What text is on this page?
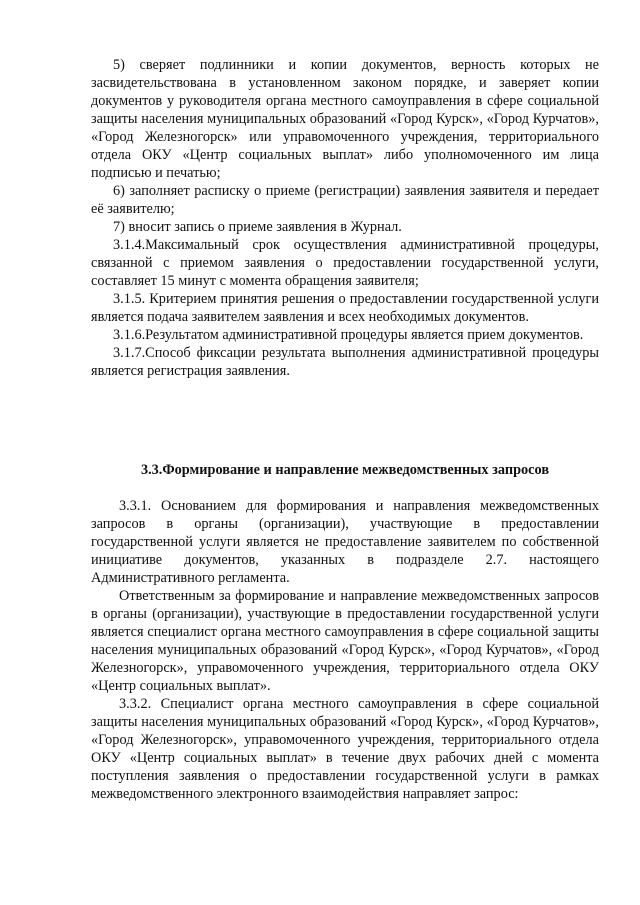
5) сверяет подлинники и копии документов, верность которых не засвидетельствована в установленном законом порядке, и заверяет копии документов у руководителя органа местного самоуправления в сфере социальной защиты населения муниципальных образований «Город Курск», «Город Курчатов», «Город Железногорск» или управомоченного учреждения, территориального отдела ОКУ «Центр социальных выплат» либо уполномоченного им лица подписью и печатью;

6) заполняет расписку о приеме (регистрации) заявления заявителя и передает её заявителю;

7) вносит запись о приеме заявления в Журнал.

3.1.4.Максимальный срок осуществления административной процедуры, связанной с приемом заявления о предоставлении государственной услуги, составляет 15 минут с момента обращения заявителя;

3.1.5. Критерием принятия решения о предоставлении государственной услуги является подача заявителем заявления и всех необходимых документов.

3.1.6.Результатом административной процедуры является прием документов.

3.1.7.Способ фиксации результата выполнения административной процедуры является регистрация заявления.

3.3.Формирование и направление межведомственных запросов

3.3.1. Основанием для формирования и направления межведомственных запросов в органы (организации), участвующие в предоставлении государственной услуги является не предоставление заявителем по собственной инициативе документов, указанных в подразделе 2.7. настоящего Административного регламента.

Ответственным за формирование и направление межведомственных запросов в органы (организации), участвующие в предоставлении государственной услуги является специалист органа местного самоуправления в сфере социальной защиты населения муниципальных образований «Город Курск», «Город Курчатов», «Город Железногорск», управомоченного учреждения, территориального отдела ОКУ «Центр социальных выплат».

3.3.2. Специалист органа местного самоуправления в сфере социальной защиты населения муниципальных образований «Город Курск», «Город Курчатов», «Город Железногорск», управомоченного учреждения, территориального отдела ОКУ «Центр социальных выплат» в течение двух рабочих дней с момента поступления заявления о предоставлении государственной услуги в рамках межведомственного электронного взаимодействия направляет запрос:
